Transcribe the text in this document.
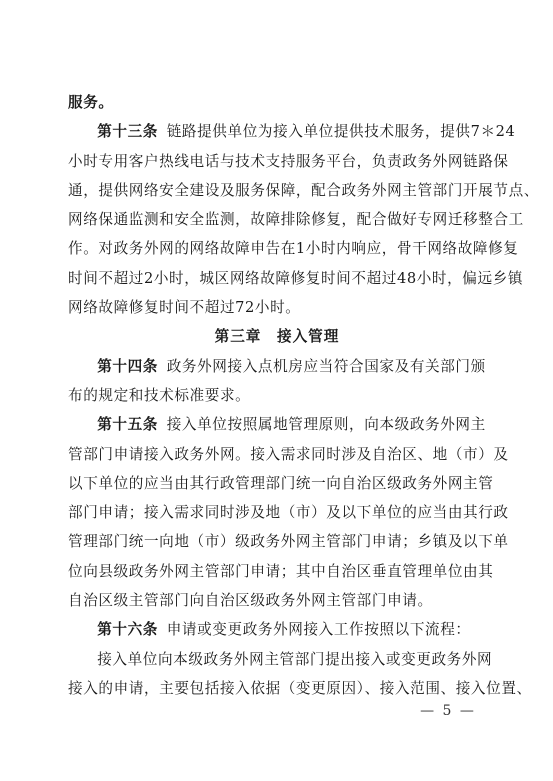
服务。
第十三条 链路提供单位为接入单位提供技术服务，提供7＊24
小时专用客户热线电话与技术支持服务平台，负责政务外网链路保
通，提供网络安全建设及服务保障，配合政务外网主管部门开展节点、
网络保通监测和安全监测，故障排除修复，配合做好专网迁移整合工
作。对政务外网的网络故障申告在1小时内响应，骨干网络故障修复
时间不超过2小时，城区网络故障修复时间不超过48小时，偏远乡镇
网络故障修复时间不超过72小时。
第三章　接入管理
第十四条 政务外网接入点机房应当符合国家及有关部门颁
布的规定和技术标准要求。
第十五条 接入单位按照属地管理原则，向本级政务外网主
管部门申请接入政务外网。接入需求同时涉及自治区、地（市）及
以下单位的应当由其行政管理部门统一向自治区级政务外网主管
部门申请；接入需求同时涉及地（市）及以下单位的应当由其行政
管理部门统一向地（市）级政务外网主管部门申请；乡镇及以下单
位向县级政务外网主管部门申请；其中自治区垂直管理单位由其
自治区级主管部门向自治区级政务外网主管部门申请。
第十六条 申请或变更政务外网接入工作按照以下流程：
接入单位向本级政务外网主管部门提出接入或变更政务外网
接入的申请，主要包括接入依据（变更原因）、接入范围、接入位置、
— 5 —
